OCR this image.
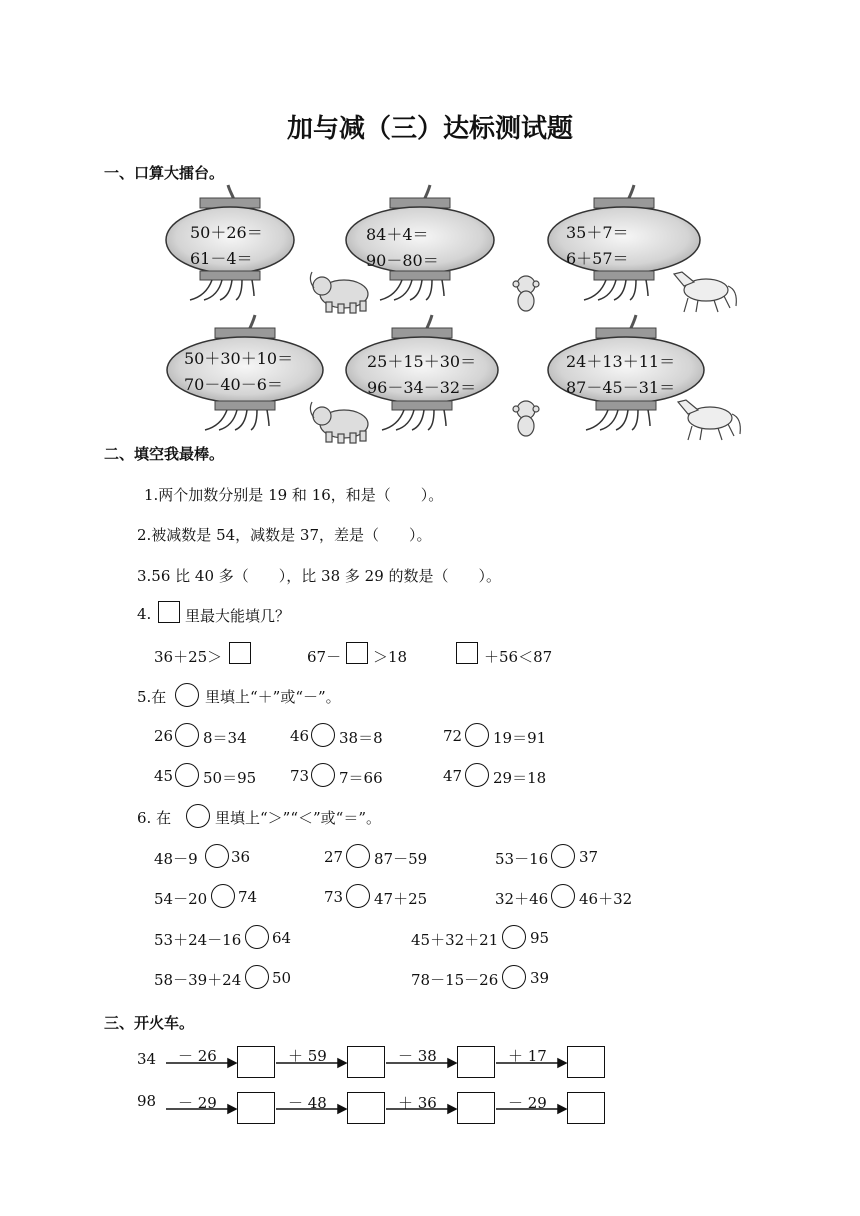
加与减（三）达标测试题
一、口算大擂台。
50＋26＝
61－4＝
84＋4＝
90－80＝
35＋7＝
6＋57＝
50＋30＋10＝
70－40－6＝
25＋15＋30＝
96－34－32＝
24＋13＋11＝
87－45－31＝
二、填空我最棒。
1.两个加数分别是 19 和 16，和是（　　）。
2.被减数是 54，减数是 37，差是（　　）。
3.56 比 40 多（　　），比 38 多 29 的数是（　　）。
4. 里最大能填几？
36＋25＞	67－ ＞18	＋56＜87
5.在	里填上“＋”或“－”。
26 8＝34	46 38＝8	72 19＝91
45 50＝95 73 7＝66	47 29＝18
6. 在	里填上“＞”“＜”或“＝”。
48－9 36	27 87－59	53－16 37
54－20 74	73 47＋25	32＋46 46＋32
53＋24－16 64	45＋32＋21 95
58－39＋24 50	78－15－26 39
三、开火车。
34 － 26	＋ 59	－ 38	＋ 17
98 － 29	－ 48	＋ 36	－ 29
